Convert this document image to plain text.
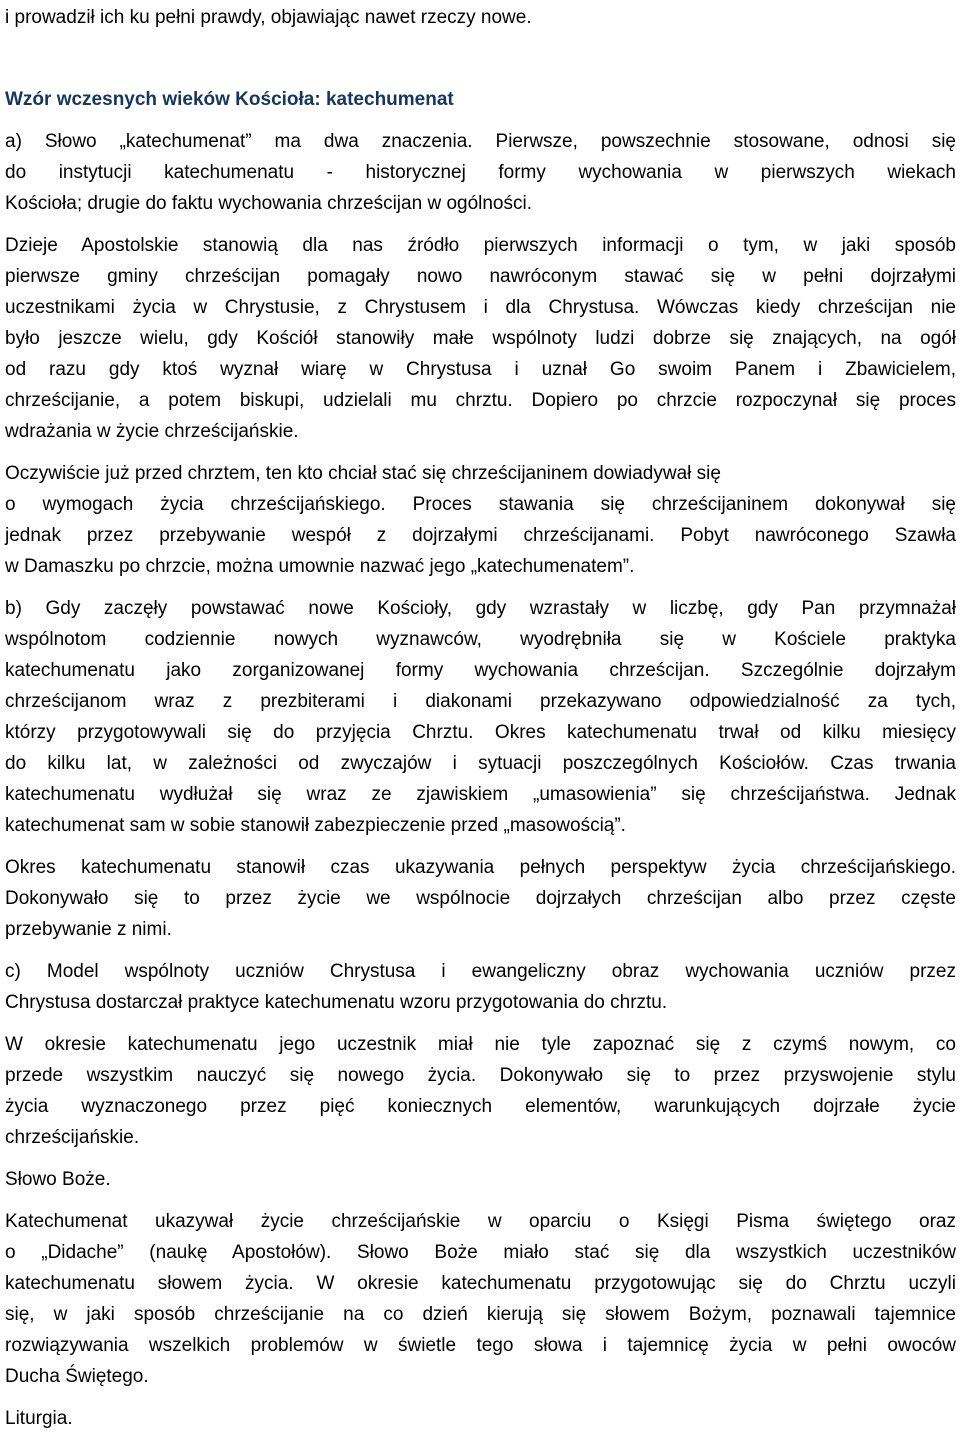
i prowadził ich ku pełni prawdy, objawiając nawet rzeczy nowe.

Wzór wczesnych wieków Kościoła: katechumenat

a) Słowo „katechumenat” ma dwa znaczenia. Pierwsze, powszechnie stosowane, odnosi się

do instytucji katechumenatu - historycznej formy wychowania w pierwszych wiekach

Kościoła; drugie do faktu wychowania chrześcijan w ogólności.

Dzieje Apostolskie stanowią dla nas źródło pierwszych informacji o tym, w jaki sposób

pierwsze gminy chrześcijan pomagały nowo nawróconym stawać się w pełni dojrzałymi

uczestnikami życia w Chrystusie, z Chrystusem i dla Chrystusa. Wówczas kiedy chrześcijan nie

było jeszcze wielu, gdy Kościół stanowiły małe wspólnoty ludzi dobrze się znających, na ogół

od razu gdy ktoś wyznał wiarę w Chrystusa i uznał Go swoim Panem i Zbawicielem,

chrześcijanie, a potem biskupi, udzielali mu chrztu. Dopiero po chrzcie rozpoczynał się proces

wdrażania w życie chrześcijańskie.

Oczywiście już przed chrztem, ten kto chciał stać się chrześcijaninem dowiadywał się

o wymogach życia chrześcijańskiego. Proces stawania się chrześcijaninem dokonywał się

jednak przez przebywanie wespół z dojrzałymi chrześcijanami. Pobyt nawróconego Szawła

w Damaszku po chrzcie, można umownie nazwać jego „katechumenatem”.

b) Gdy zaczęły powstawać nowe Kościoły, gdy wzrastały w liczbę, gdy Pan przymnażał

wspólnotom codziennie nowych wyznawców, wyodrębniła się w Kościele praktyka

katechumenatu jako zorganizowanej formy wychowania chrześcijan. Szczególnie dojrzałym

chrześcijanom wraz z prezbiterami i diakonami przekazywano odpowiedzialność za tych,

którzy przygotowywali się do przyjęcia Chrztu. Okres katechumenatu trwał od kilku miesięcy

do kilku lat, w zależności od zwyczajów i sytuacji poszczególnych Kościołów. Czas trwania

katechumenatu wydłużał się wraz ze zjawiskiem „umasowienia” się chrześcijaństwa. Jednak

katechumenat sam w sobie stanowił zabezpieczenie przed „masowością”.

Okres katechumenatu stanowił czas ukazywania pełnych perspektyw życia chrześcijańskiego.

Dokonywało się to przez życie we wspólnocie dojrzałych chrześcijan albo przez częste

przebywanie z nimi.

c) Model wspólnoty uczniów Chrystusa i ewangeliczny obraz wychowania uczniów przez

Chrystusa dostarczał praktyce katechumenatu wzoru przygotowania do chrztu.

W okresie katechumenatu jego uczestnik miał nie tyle zapoznać się z czymś nowym, co

przede wszystkim nauczyć się nowego życia. Dokonywało się to przez przyswojenie stylu

życia wyznaczonego przez pięć koniecznych elementów, warunkujących dojrzałe życie

chrześcijańskie.

Słowo Boże.

Katechumenat ukazywał życie chrześcijańskie w oparciu o Księgi Pisma świętego oraz

o „Didache” (naukę Apostołów). Słowo Boże miało stać się dla wszystkich uczestników

katechumenatu słowem życia. W okresie katechumenatu przygotowując się do Chrztu uczyli

się, w jaki sposób chrześcijanie na co dzień kierują się słowem Bożym, poznawali tajemnice

rozwiązywania wszelkich problemów w świetle tego słowa i tajemnicę życia w pełni owoców

Ducha Świętego.

Liturgia.
